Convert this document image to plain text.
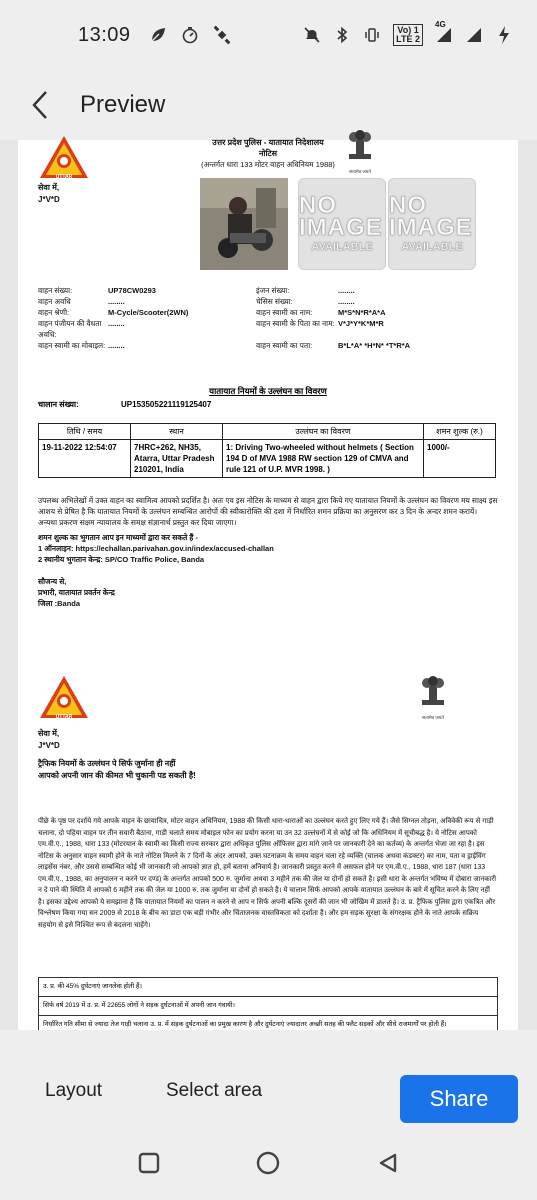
13:09	Vo) 1
LTE 2
4G
Preview
उत्तर प्रदेश पुलिस - यातायात निदेशालय
नोटिस
(अन्तर्गत धारा 133 मोटर वाहन अधिनियम 1988)
UTTAR PRADESH
सत्यमेव जयते
सेवा में,
J*V*D	NO IMAGE
AVAILABLE
NO IMAGE
AVAILABLE
वाहन संख्या:	UP78CW0293
वाहन अवधि	........
वाहन श्रेणी:	M-Cycle/Scooter(2WN)
वाहन पंजीयन की वैधता अवधि:
........
वाहन स्वामी का मोबाइल: ........
इंजन संख्या:	........
चेसिस संख्या:	........
वाहन स्वामी का नाम:	M*S*N*R*A*A
वाहन स्वामी के पिता का नाम: V*J*Y*K*M*R
वाहन स्वामी का पता:	B*L*A* *H*N* *T*R*A
यातायात नियमों के उल्लंघन का विवरण
चालान संख्या:	UP153505221119125407
तिथि / समय	स्थान	उल्लंघन का विवरण	शमन शुल्क (रु.)
19-11-2022 12:54:07	7HRC+262, NH35, Atarra, Uttar Pradesh 210201, India	1: Driving Two-wheeled without helmets ( Section 194 D of MVA 1988 RW section 129 of CMVA and rule 121 of U.P. MVR 1998. )	1000/-
उपलब्ध अभिलेखों में उक्त वाहन का स्वामित्व आपको प्रदर्शित है। अतः एव इस नोटिस के माध्यम से वाहन द्वारा किये गए यातायात नियमों के उल्लंघन का विवरण मय साक्ष्य इस आशय से प्रेषित है कि यातायात नियमों के उल्लंघन सम्बन्धित आरोपों की स्वीकारोक्ति की दशा में निर्धारित शमन प्रक्रिया का अनुसरण कर 3 दिन के अन्दर शमन करायें। अन्यथा प्रकरण सक्षम न्यायालय के समक्ष संज्ञानार्थ प्रस्तुत कर दिया जाएगा।
शमन शुल्क का भुगतान आप इन माध्यमों द्वारा कर सकते हैं -
1 ऑनलाइन: https://echallan.parivahan.gov.in/index/accused-challan
2 स्थानीय भुगतान केन्द्र: SP/CO Traffic Police, Banda
सौजन्य से,
प्रभारी, यातायात प्रवर्तन केन्द्र
जिला :Banda
UTTAR PRADESH
सत्यमेव जयते
सेवा में,
J*V*D
ट्रैफिक नियमों के उल्लंघन पे सिर्फ जुर्माना ही नहीं
आपको अपनी जान की कीमत भी चुकानी पड सकती है!
पीछे के पृष्ठ पर दर्शाये गये आपके वाहन के छायाचित्र, मोटर वाहन अधिनियम, 1988 की किसी धारा-धाराओं का उल्लंघन करते हुए लिए गये हैं। जैसे सिग्नल तोड़ना, अविवेकी रूप से गाड़ी चलाना, दो पहिया वाहन पर तीन सवारी बैठाना, गाडी चलाते समय मोबाइल फोन का प्रयोग करना या उन 32 उल्लंघनों में से कोई जो कि अधिनियम में सूचीबद्ध है। ये नोटिस आपको एम.वी.ए., 1988, धारा 133 (मोटरयान के स्वामी का किसी राज्य सरकार द्वारा अधिकृत पुलिस ऑफिसर द्वारा मांगे जाने पर जानकारी देने का कर्तव्य) के अन्तर्गत भेजा जा रहा है। इस नोटिस के अनुसार वाहन स्वामी होने के नाते नोटिस मिलने के 7 दिनों के अंदर आपको, उक्त घटनाक्रम के समय वाहन चला रहे व्यक्ति (चालक अथवा कंडक्टर) का नाम, पता व ड्राईविंग लाइसेंस नंबर, और उससे सम्बन्धित कोई भी जानकारी जो आपको ज्ञात हो, हमें बताना अनिवार्य है। जानकारी प्रस्तुत करने में असफल होने पर एम.वी.ए., 1988, धारा 187 (धारा 133 एम.वी.ए., 1988, का अनुपालन न करने पर दण्ड) के अन्तर्गत आपको 500 रु. जुर्माना अथवा 3 महीने तक की जेल या दोनों हो सकते है। इसी धारा के अन्तर्गत भविष्य में दोबारा जानकारी न दे पाने की स्थिति में आपको 6 महीने तक की जेल या 1000 रु. तक जुर्माना या दोनों हो सकते है। ये चालान सिर्फ आपको आपके यातायात उल्लंघन के बारे में सूचित करने के लिए नहीं है। इसका उद्देश्य आपको ये समझाना है कि यातायात नियमों का पालन न करने से आप न सिर्फ अपनी बल्कि दूसरों की जान भी जोखिम में डालते है। उ. प्र. ट्रैफिक पुलिस द्वारा एकत्रित और विश्लेषण किया गया सन 2009 से 2018 के बीच का डाटा एक बड़ी गंभीर और चिंताजनक वास्तविकता को दर्शाता है। और हम सड़क सुरक्षा के संगरक्षक होने के नाते आपके सक्रिय सहयोग से इसे निश्चित रूप से बदलना चाहेंगे।
उ. प्र. की 45% दुर्घटनाएं जानलेवा होती हैं।
सिर्फ वर्ष 2019 में उ. प्र. में 22655 लोगों ने सड़क दुर्घटनाओं में अपनी जान गंवायी।
निर्धारित गति सीमा से ज्यादा तेज गाड़ी चलाना उ. प्र. में सड़क दुर्घटनाओं का प्रमुख कारण है और दुर्घटनाएं ज्यादातर अच्छी सतह की फ्लैट सड़कों और सीधे राजमार्गों पर होती हैं।
Layout	Select area	Share
